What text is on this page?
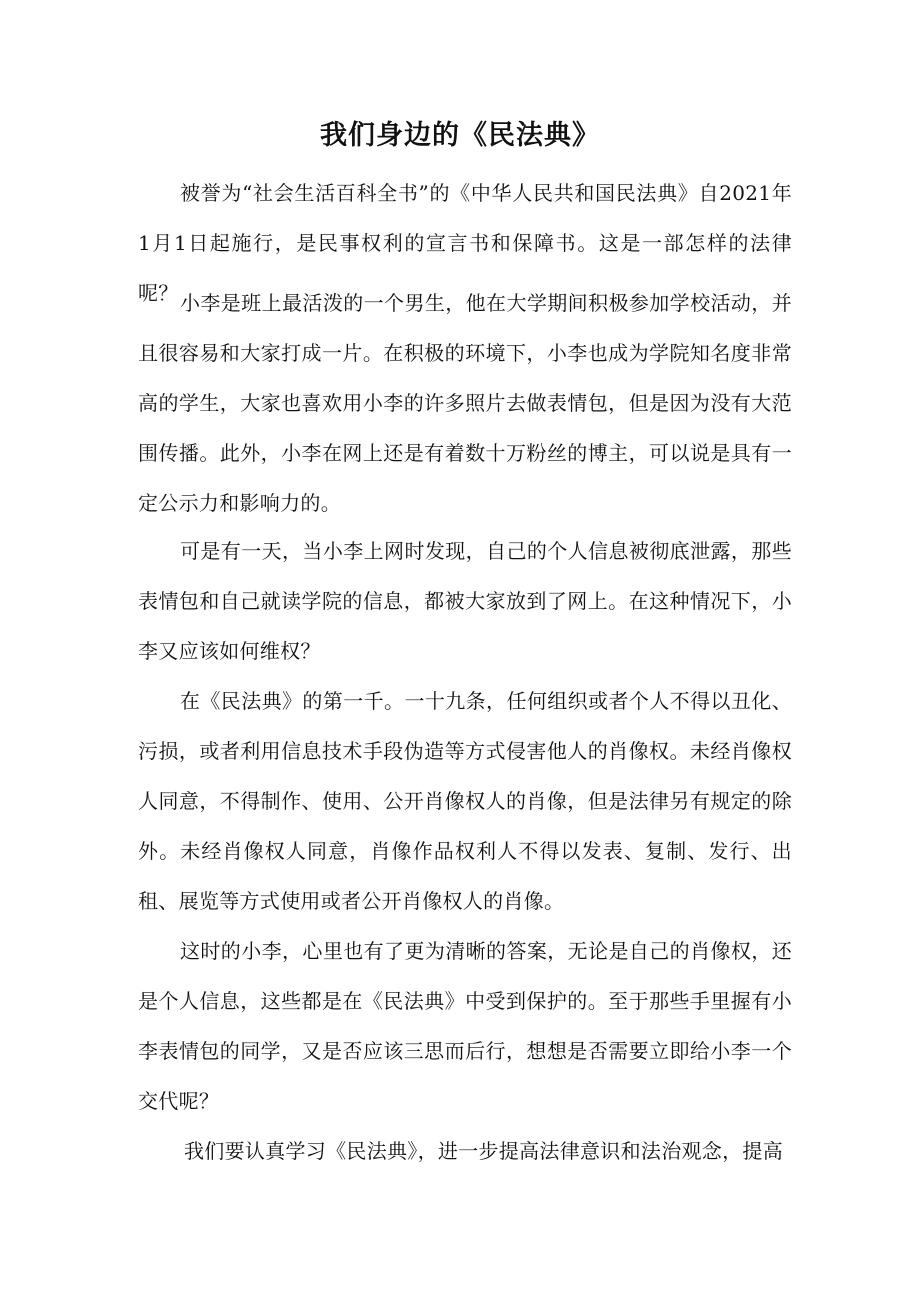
我们身边的《民法典》

被誉为“社会生活百科全书”的《中华人民共和国民法典》自2021年1月1日起施行，是民事权利的宣言书和保障书。这是一部怎样的法律呢？ 小李是班上最活泼的一个男生，他在大学期间积极参加学校活动，并且很容易和大家打成一片。在积极的环境下，小李也成为学院知名度非常高的学生，大家也喜欢用小李的许多照片去做表情包，但是因为没有大范围传播。此外，小李在网上还是有着数十万粉丝的博主，可以说是具有一定公示力和影响力的。

可是有一天，当小李上网时发现，自己的个人信息被彻底泄露，那些表情包和自己就读学院的信息，都被大家放到了网上。在这种情况下，小李又应该如何维权？

在《民法典》的第一千。一十九条，任何组织或者个人不得以丑化、污损，或者利用信息技术手段伪造等方式侵害他人的肖像权。未经肖像权人同意，不得制作、使用、公开肖像权人的肖像，但是法律另有规定的除外。未经肖像权人同意，肖像作品权利人不得以发表、复制、发行、出租、展览等方式使用或者公开肖像权人的肖像。

这时的小李，心里也有了更为清晰的答案，无论是自己的肖像权，还是个人信息，这些都是在《民法典》中受到保护的。至于那些手里握有小李表情包的同学，又是否应该三思而后行，想想是否需要立即给小李一个交代呢？

我们要认真学习《民法典》，进一步提高法律意识和法治观念，提高
